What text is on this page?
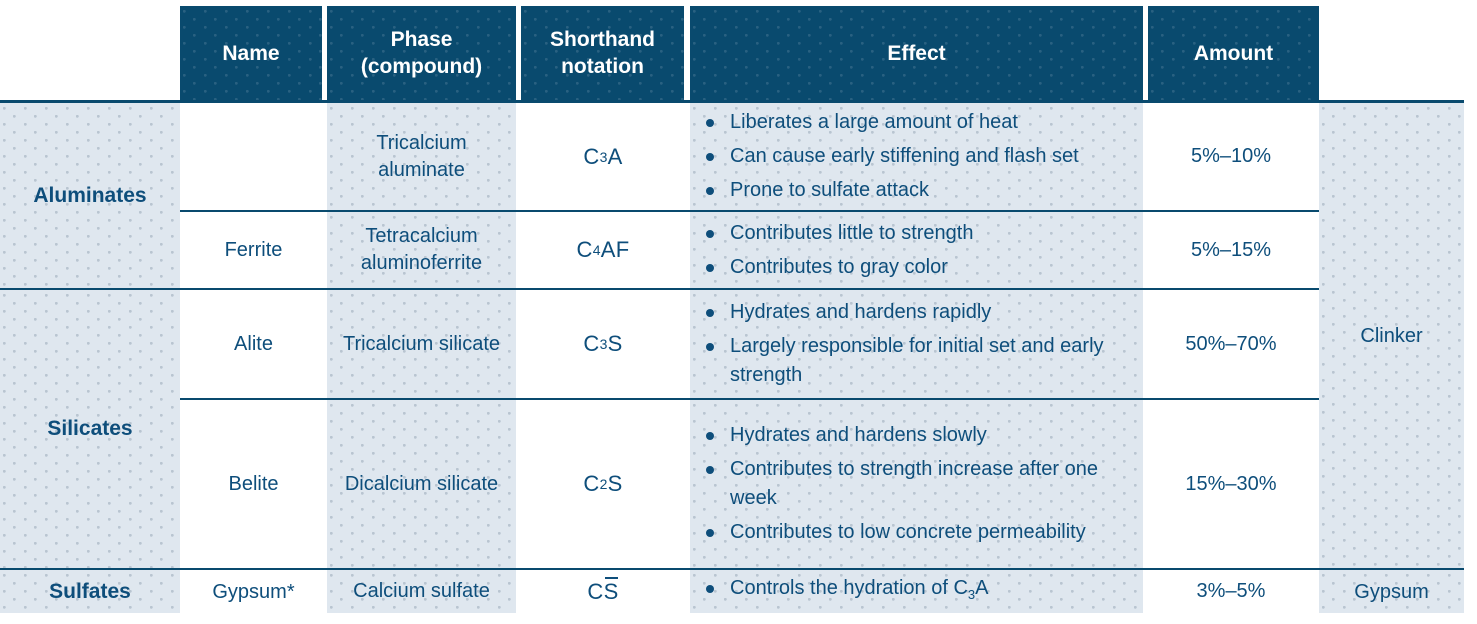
Name
Phase (compound)
Shorthand notation
Effect	Amount
Aluminates
Silicates
Sulfates
Ferrite
Alite
Belite
Gypsum*
Tricalcium aluminate
Tetracalcium aluminoferrite
Tricalcium silicate
Dicalcium silicate
Calcium sulfate
C 3 A
C 4 AF
C 3 S
C 2 S
C S
Liberates a large amount of heat
Can cause early stiffening and flash set
Prone to sulfate attack
Contributes little to strength
Contributes to gray color
Hydrates and hardens rapidly
Largely responsible for initial set and early strength
Hydrates and hardens slowly
Contributes to strength increase after one week
Contributes to low concrete permeability
Controls the hydration of $C_3A$
5%–10%
5%–15%
50%–70%
15%–30%
3%–5%
Clinker
Gypsum
